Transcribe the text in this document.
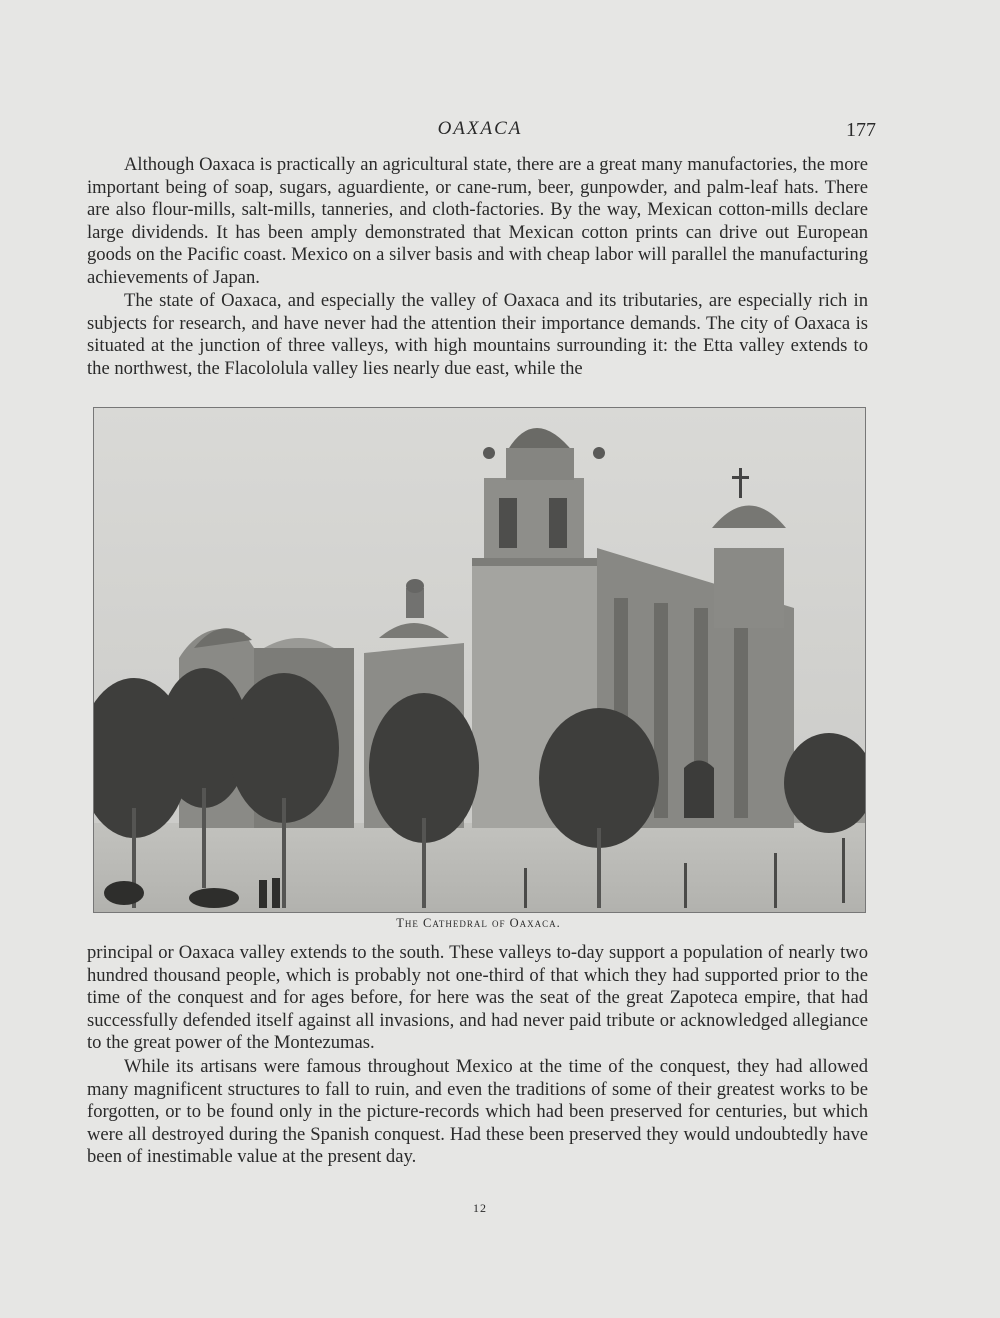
OAXACA	177

Although Oaxaca is practically an agricultural state, there are a great many manufactories, the more important being of soap, sugars, aguardiente, or cane-rum, beer, gunpowder, and palm-leaf hats. There are also flour-mills, salt-mills, tanneries, and cloth-factories. By the way, Mexican cotton-mills declare large dividends. It has been amply demonstrated that Mexican cotton prints can drive out European goods on the Pacific coast. Mexico on a silver basis and with cheap labor will parallel the manufacturing achievements of Japan.

The state of Oaxaca, and especially the valley of Oaxaca and its tributaries, are especially rich in subjects for research, and have never had the attention their importance demands. The city of Oaxaca is situated at the junction of three valleys, with high mountains surrounding it: the Etta valley extends to the northwest, the Flacololula valley lies nearly due east, while the

The Cathedral of Oaxaca.

principal or Oaxaca valley extends to the south. These valleys to-day support a population of nearly two hundred thousand people, which is probably not one-third of that which they had supported prior to the time of the conquest and for ages before, for here was the seat of the great Zapoteca empire, that had successfully defended itself against all invasions, and had never paid tribute or acknowledged allegiance to the great power of the Montezumas.

While its artisans were famous throughout Mexico at the time of the conquest, they had allowed many magnificent structures to fall to ruin, and even the traditions of some of their greatest works to be forgotten, or to be found only in the picture-records which had been preserved for centuries, but which were all destroyed during the Spanish conquest. Had these been preserved they would undoubtedly have been of inestimable value at the present day.

12
